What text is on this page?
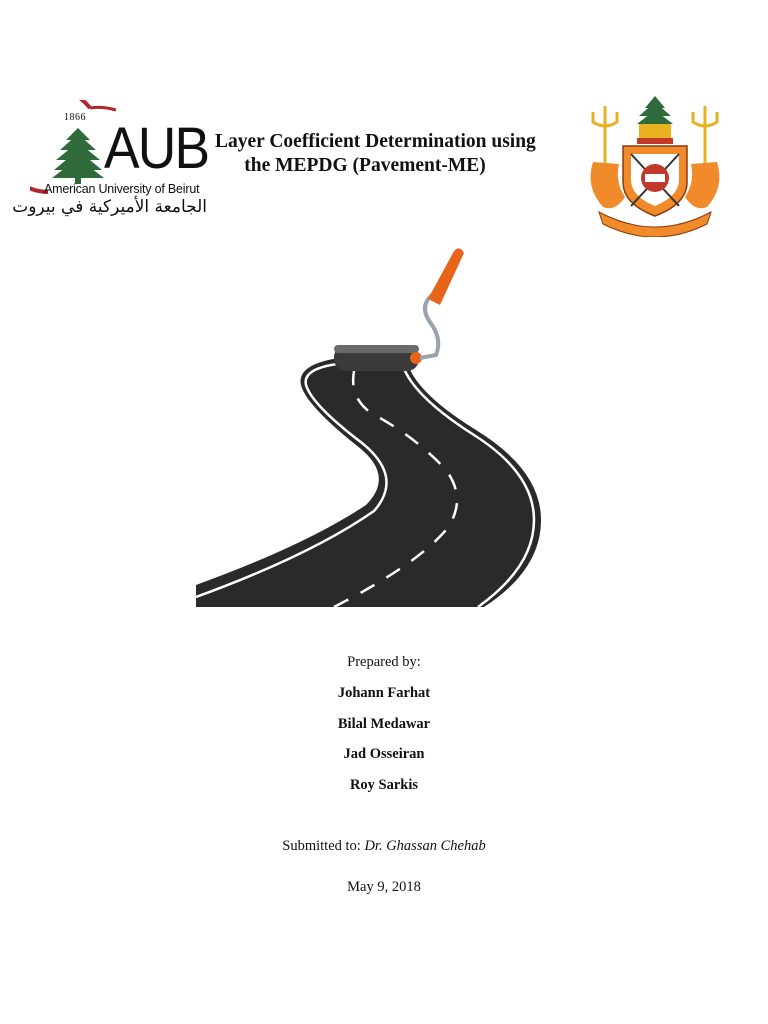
1866 AUB
American University of Beirut
الجامعة الأميركية في بيروت
Layer Coefficient Determination using
the MEPDG (Pavement-ME)
Prepared by:
Johann Farhat
Bilal Medawar
Jad Osseiran
Roy Sarkis
Submitted to: Dr. Ghassan Chehab
May 9, 2018
